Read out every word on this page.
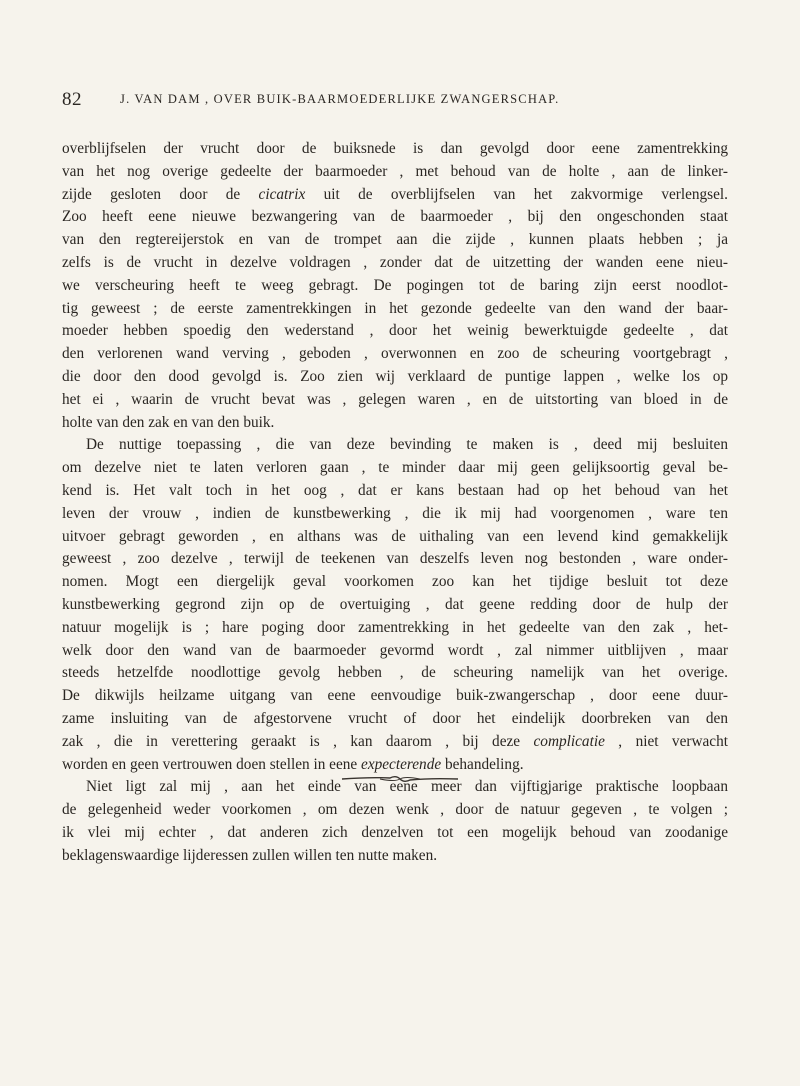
82	J. VAN DAM , OVER BUIK-BAARMOEDERLIJKE ZWANGERSCHAP.
overblijfselen der vrucht door de buiksnede is dan gevolgd door eene zamentrekking
van het nog overige gedeelte der baarmoeder , met behoud van de holte , aan de linker-
zijde gesloten door de cicatrix uit de overblijfselen van het zakvormige verlengsel.
Zoo heeft eene nieuwe bezwangering van de baarmoeder , bij den ongeschonden staat
van den regtereijerstok en van de trompet aan die zijde , kunnen plaats hebben ; ja
zelfs is de vrucht in dezelve voldragen , zonder dat de uitzetting der wanden eene nieu-
we verscheuring heeft te weeg gebragt. De pogingen tot de baring zijn eerst noodlot-
tig geweest ; de eerste zamentrekkingen in het gezonde gedeelte van den wand der baar-
moeder hebben spoedig den wederstand , door het weinig bewerktuigde gedeelte , dat
den verlorenen wand verving , geboden , overwonnen en zoo de scheuring voortgebragt ,
die door den dood gevolgd is. Zoo zien wij verklaard de puntige lappen , welke los op
het ei , waarin de vrucht bevat was , gelegen waren , en de uitstorting van bloed in de
holte van den zak en van den buik.
De nuttige toepassing , die van deze bevinding te maken is , deed mij besluiten
om dezelve niet te laten verloren gaan , te minder daar mij geen gelijksoortig geval be-
kend is. Het valt toch in het oog , dat er kans bestaan had op het behoud van het
leven der vrouw , indien de kunstbewerking , die ik mij had voorgenomen , ware ten
uitvoer gebragt geworden , en althans was de uithaling van een levend kind gemakkelijk
geweest , zoo dezelve , terwijl de teekenen van deszelfs leven nog bestonden , ware onder-
nomen. Mogt een diergelijk geval voorkomen zoo kan het tijdige besluit tot deze
kunstbewerking gegrond zijn op de overtuiging , dat geene redding door de hulp der
natuur mogelijk is ; hare poging door zamentrekking in het gedeelte van den zak , het-
welk door den wand van de baarmoeder gevormd wordt , zal nimmer uitblijven , maar
steeds hetzelfde noodlottige gevolg hebben , de scheuring namelijk van het overige.
De dikwijls heilzame uitgang van eene eenvoudige buik-zwangerschap , door eene duur-
zame insluiting van de afgestorvene vrucht of door het eindelijk doorbreken van den
zak , die in verettering geraakt is , kan daarom , bij deze complicatie , niet verwacht
worden en geen vertrouwen doen stellen in eene expecterende behandeling.
Niet ligt zal mij , aan het einde van eene meer dan vijftigjarige praktische loopbaan
de gelegenheid weder voorkomen , om dezen wenk , door de natuur gegeven , te volgen ;
ik vlei mij echter , dat anderen zich denzelven tot een mogelijk behoud van zoodanige
beklagenswaardige lijderessen zullen willen ten nutte maken.
